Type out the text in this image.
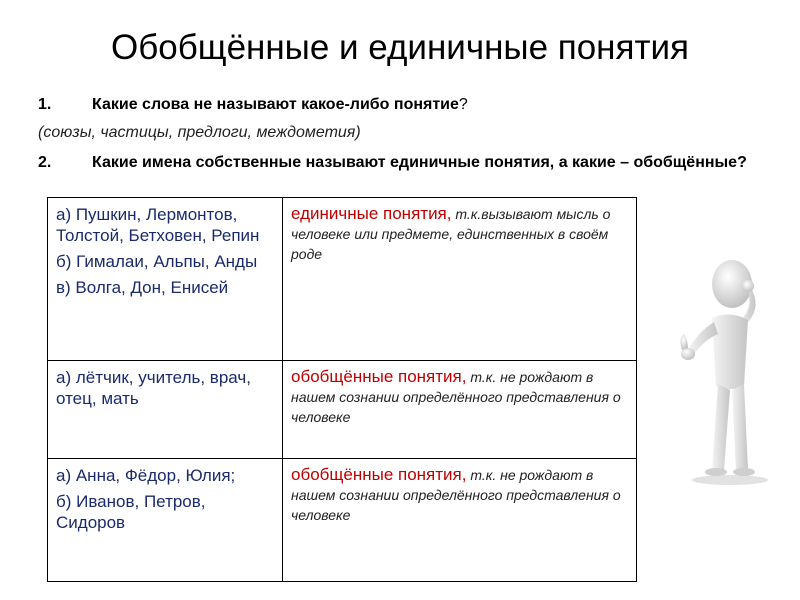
Обобщённые и единичные понятия
1.	Какие слова не называют какое-либо понятие?
(союзы, частицы, предлоги, междометия)
2.	Какие имена собственные называют единичные понятия, а какие – обобщённые?

а) Пушкин, Лермонтов, Толстой, Бетховен, Репин

б) Гималаи, Альпы, Анды

в) Волга, Дон, Енисей	единичные понятия, т.к.вызывают мысль о человеке или предмете, единственных в своём роде

а) лётчик, учитель, врач, отец, мать	обобщённые понятия, т.к. не рождают в нашем сознании определённого представления о человеке

а) Анна, Фёдор, Юлия;

б) Иванов, Петров, Сидоров	обобщённые понятия, т.к. не рождают в нашем сознании определённого представления о человеке
